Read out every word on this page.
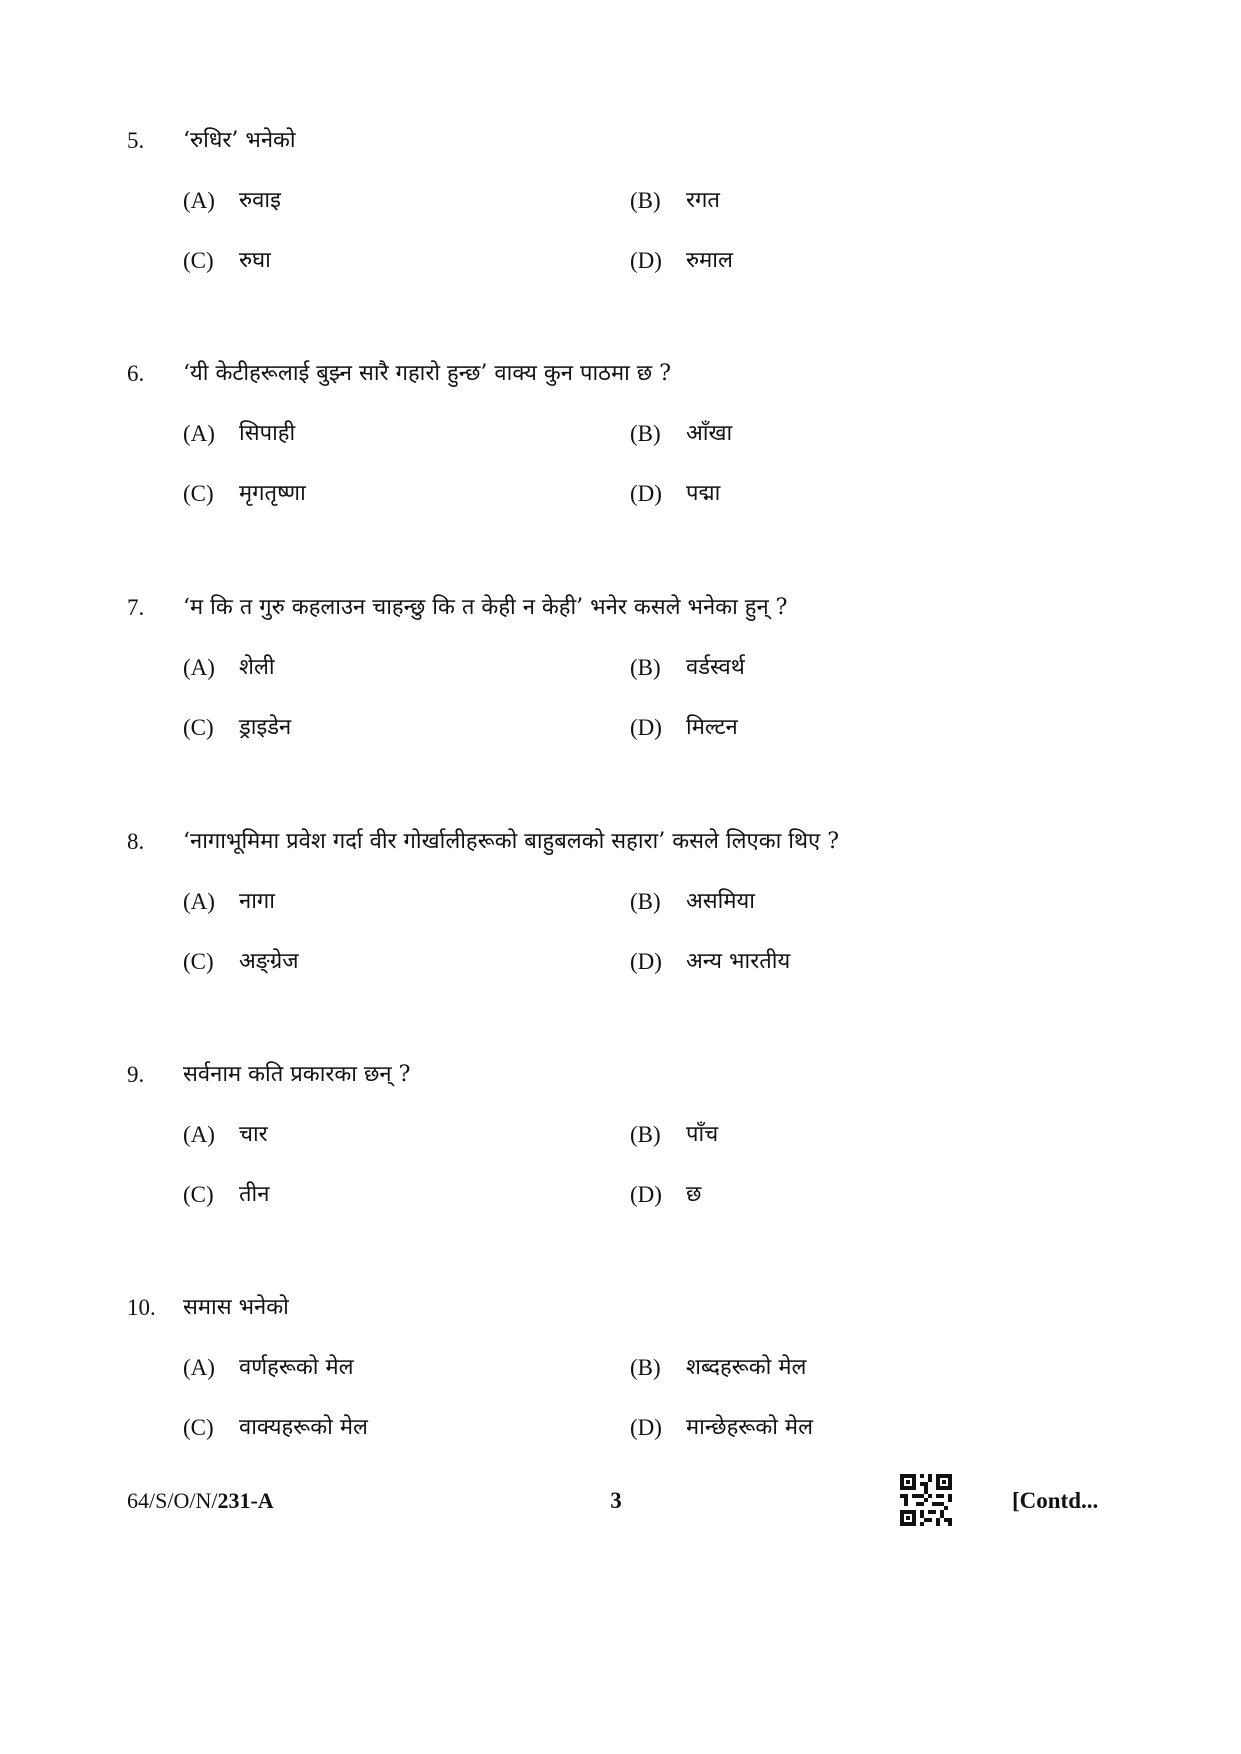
5. ‘रुधिर’ भनेको
(A) रुवाइ	(B) रगत
(C) रुघा	(D) रुमाल
6. ‘यी केटीहरूलाई बुझ्न सारै गहारो हुन्छ’ वाक्य कुन पाठमा छ ?
(A) सिपाही	(B) आँखा
(C) मृगतृष्णा	(D) पद्मा
7. ‘म कि त गुरु कहलाउन चाहन्छु कि त केही न केही’ भनेर कसले भनेका हुन् ?
(A) शेली	(B) वर्डस्वर्थ
(C) ड्राइडेन	(D) मिल्टन
8. ‘नागाभूमिमा प्रवेश गर्दा वीर गोर्खालीहरूको बाहुबलको सहारा’ कसले लिएका थिए ?
(A) नागा	(B) असमिया
(C) अङ्ग्रेज	(D) अन्य भारतीय
9. सर्वनाम कति प्रकारका छन् ?
(A) चार	(B) पाँच
(C) तीन	(D) छ
10. समास भनेको
(A) वर्णहरूको मेल	(B) शब्दहरूको मेल
(C) वाक्यहरूको मेल	(D) मान्छेहरूको मेल
64/S/O/N/231-A	3	[Contd...
